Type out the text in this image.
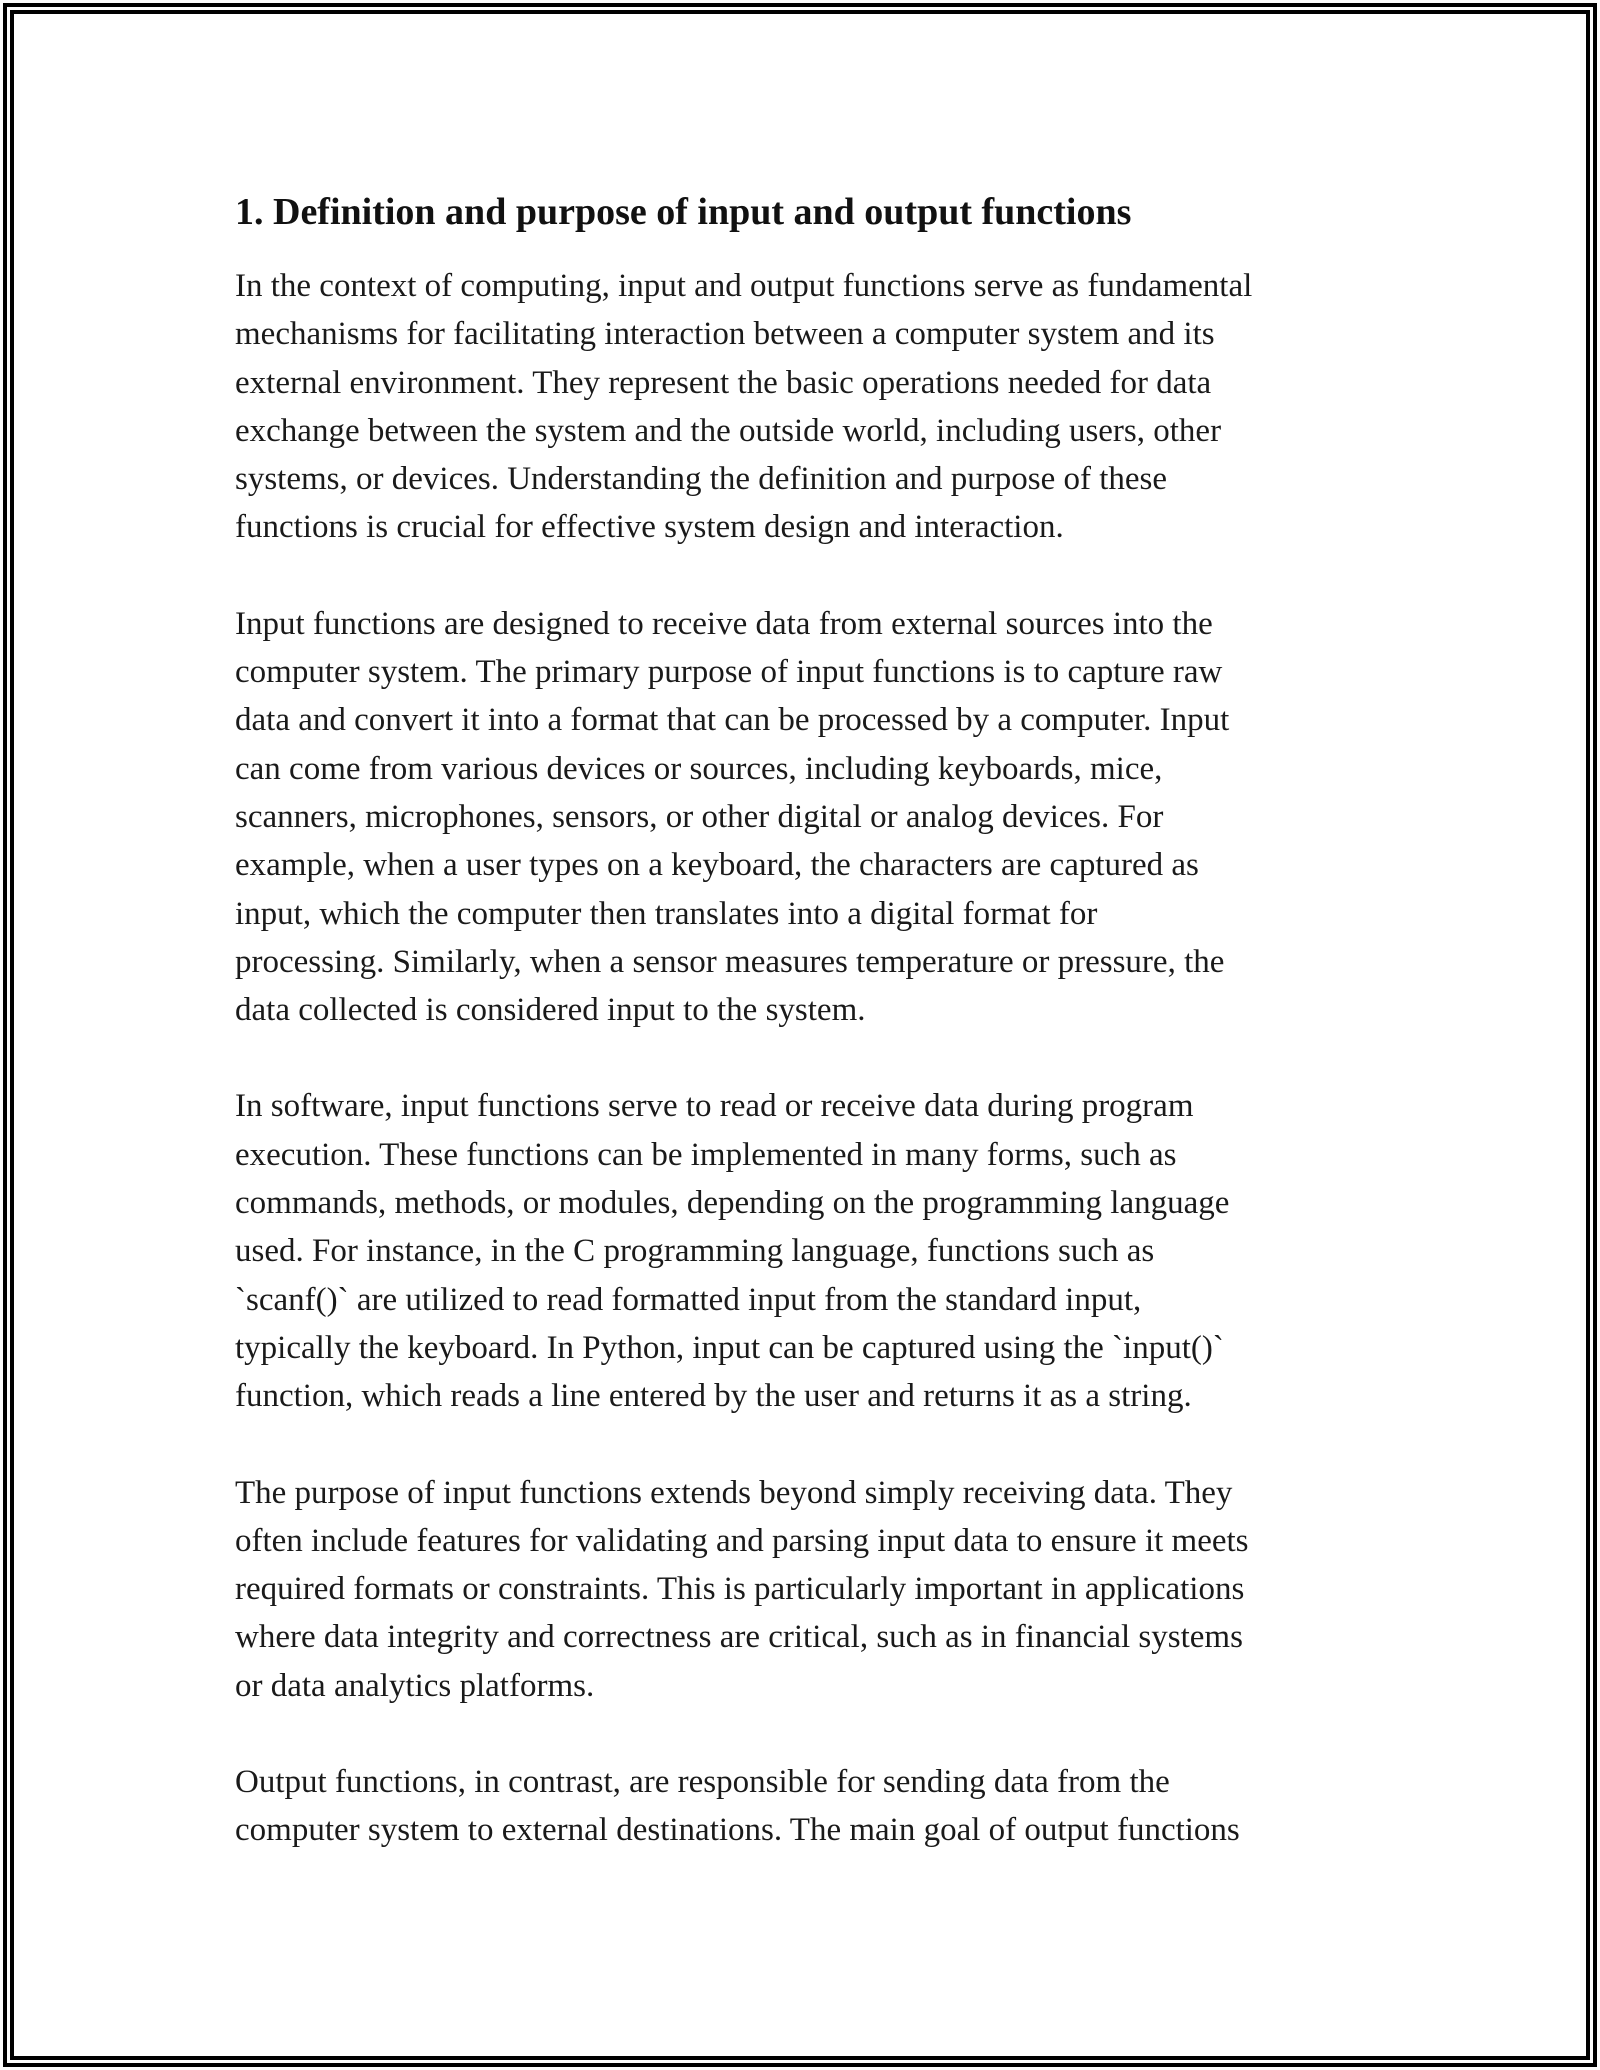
1. Definition and purpose of input and output functions

In the context of computing, input and output functions serve as fundamental
mechanisms for facilitating interaction between a computer system and its
external environment. They represent the basic operations needed for data
exchange between the system and the outside world, including users, other
systems, or devices. Understanding the definition and purpose of these
functions is crucial for effective system design and interaction.

Input functions are designed to receive data from external sources into the
computer system. The primary purpose of input functions is to capture raw
data and convert it into a format that can be processed by a computer. Input
can come from various devices or sources, including keyboards, mice,
scanners, microphones, sensors, or other digital or analog devices. For
example, when a user types on a keyboard, the characters are captured as
input, which the computer then translates into a digital format for
processing. Similarly, when a sensor measures temperature or pressure, the
data collected is considered input to the system.

In software, input functions serve to read or receive data during program
execution. These functions can be implemented in many forms, such as
commands, methods, or modules, depending on the programming language
used. For instance, in the C programming language, functions such as
`scanf()` are utilized to read formatted input from the standard input,
typically the keyboard. In Python, input can be captured using the `input()`
function, which reads a line entered by the user and returns it as a string.

The purpose of input functions extends beyond simply receiving data. They
often include features for validating and parsing input data to ensure it meets
required formats or constraints. This is particularly important in applications
where data integrity and correctness are critical, such as in financial systems
or data analytics platforms.

Output functions, in contrast, are responsible for sending data from the
computer system to external destinations. The main goal of output functions
